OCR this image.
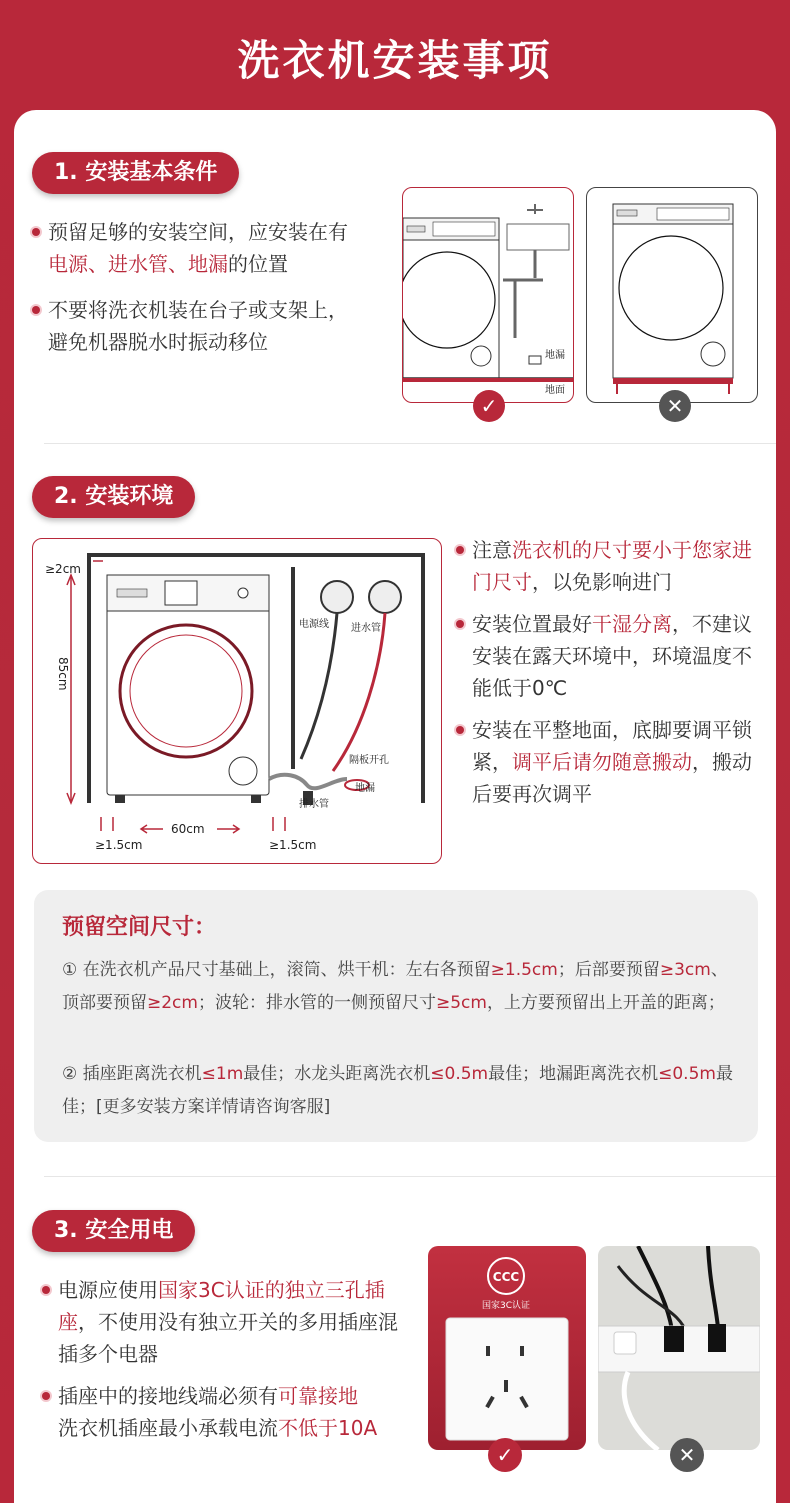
洗衣机安装事项
1. 安装基本条件
预留足够的安装空间，应安装在有
电源、进水管、地漏的位置
不要将洗衣机装在台子或支架上，
避免机器脱水时振动移位
地漏
地面
✓	✕
2. 安装环境
≥2cm
85cm
60cm
≥1.5cm	≥1.5cm
电源线 进水管
隔板开孔
地漏
排水管
注意洗衣机的尺寸要小于您家进门尺寸，以免影响进门
安装位置最好干湿分离，不建议安装在露天环境中，环境温度不能低于0℃
安装在平整地面，底脚要调平锁紧，调平后请勿随意搬动，搬动后要再次调平
预留空间尺寸：
① 在洗衣机产品尺寸基础上，滚筒、烘干机：左右各预留≥1.5cm；后部要预留≥3cm、顶部要预留≥2cm；波轮：排水管的一侧预留尺寸≥5cm，上方要预留出上开盖的距离；
② 插座距离洗衣机≤1m最佳；水龙头距离洗衣机≤0.5m最佳；地漏距离洗衣机≤0.5m最佳；[更多安装方案详情请咨询客服]
3. 安全用电
电源应使用国家3C认证的独立三孔插座，不使用没有独立开关的多用插座混插多个电器
插座中的接地线端必须有可靠接地
洗衣机插座最小承载电流不低于10A
CCC
国家3C认证
✓	✕
